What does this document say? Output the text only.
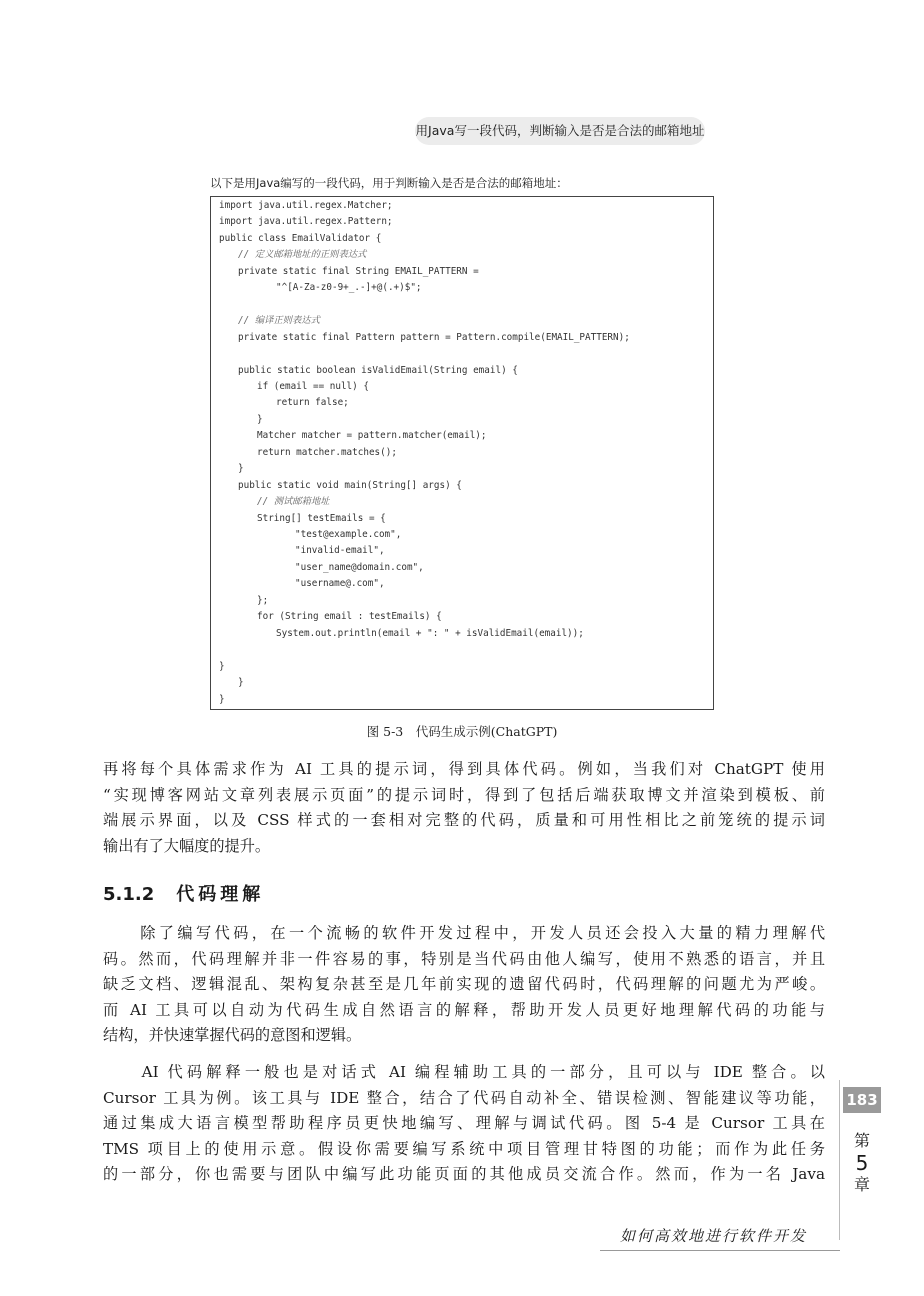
用Java写一段代码，判断输入是否是合法的邮箱地址
以下是用Java编写的一段代码，用于判断输入是否是合法的邮箱地址：
import java.util.regex.Matcher;
import java.util.regex.Pattern;
public class EmailValidator {
// 定义邮箱地址的正则表达式
private static final String EMAIL_PATTERN =
"^[A-Za-z0-9+_.-]+@(.+)$";
// 编译正则表达式
private static final Pattern pattern = Pattern.compile(EMAIL_PATTERN);
public static boolean isValidEmail(String email) {
if (email == null) {
return false;
}
Matcher matcher = pattern.matcher(email);
return matcher.matches();
}
public static void main(String[] args) {
// 测试邮箱地址
String[] testEmails = {
"test@example.com",
"invalid-email",
"user_name@domain.com",
"username@.com",
};
for (String email : testEmails) {
System.out.println(email + ": " + isValidEmail(email));
}
}
}
图 5-3　代码生成示例(ChatGPT)
再将每个具体需求作为 AI 工具的提示词，得到具体代码。例如，当我们对 ChatGPT 使用
“实现博客网站文章列表展示页面”的提示词时，得到了包括后端获取博文并渲染到模板、前
端展示界面，以及 CSS 样式的一套相对完整的代码，质量和可用性相比之前笼统的提示词
输出有了大幅度的提升。
5.1.2 代码理解
　　除了编写代码，在一个流畅的软件开发过程中，开发人员还会投入大量的精力理解代
码。然而，代码理解并非一件容易的事，特别是当代码由他人编写，使用不熟悉的语言，并且
缺乏文档、逻辑混乱、架构复杂甚至是几年前实现的遗留代码时，代码理解的问题尤为严峻。
而 AI 工具可以自动为代码生成自然语言的解释，帮助开发人员更好地理解代码的功能与
结构，并快速掌握代码的意图和逻辑。
　　AI 代码解释一般也是对话式 AI 编程辅助工具的一部分，且可以与 IDE 整合。以
Cursor 工具为例。该工具与 IDE 整合，结合了代码自动补全、错误检测、智能建议等功能，
通过集成大语言模型帮助程序员更快地编写、理解与调试代码。图 5-4 是 Cursor 工具在
TMS 项目上的使用示意。假设你需要编写系统中项目管理甘特图的功能；而作为此任务
的一部分，你也需要与团队中编写此功能页面的其他成员交流合作。然而，作为一名 Java
183
第
5
章
如何高效地进行软件开发
